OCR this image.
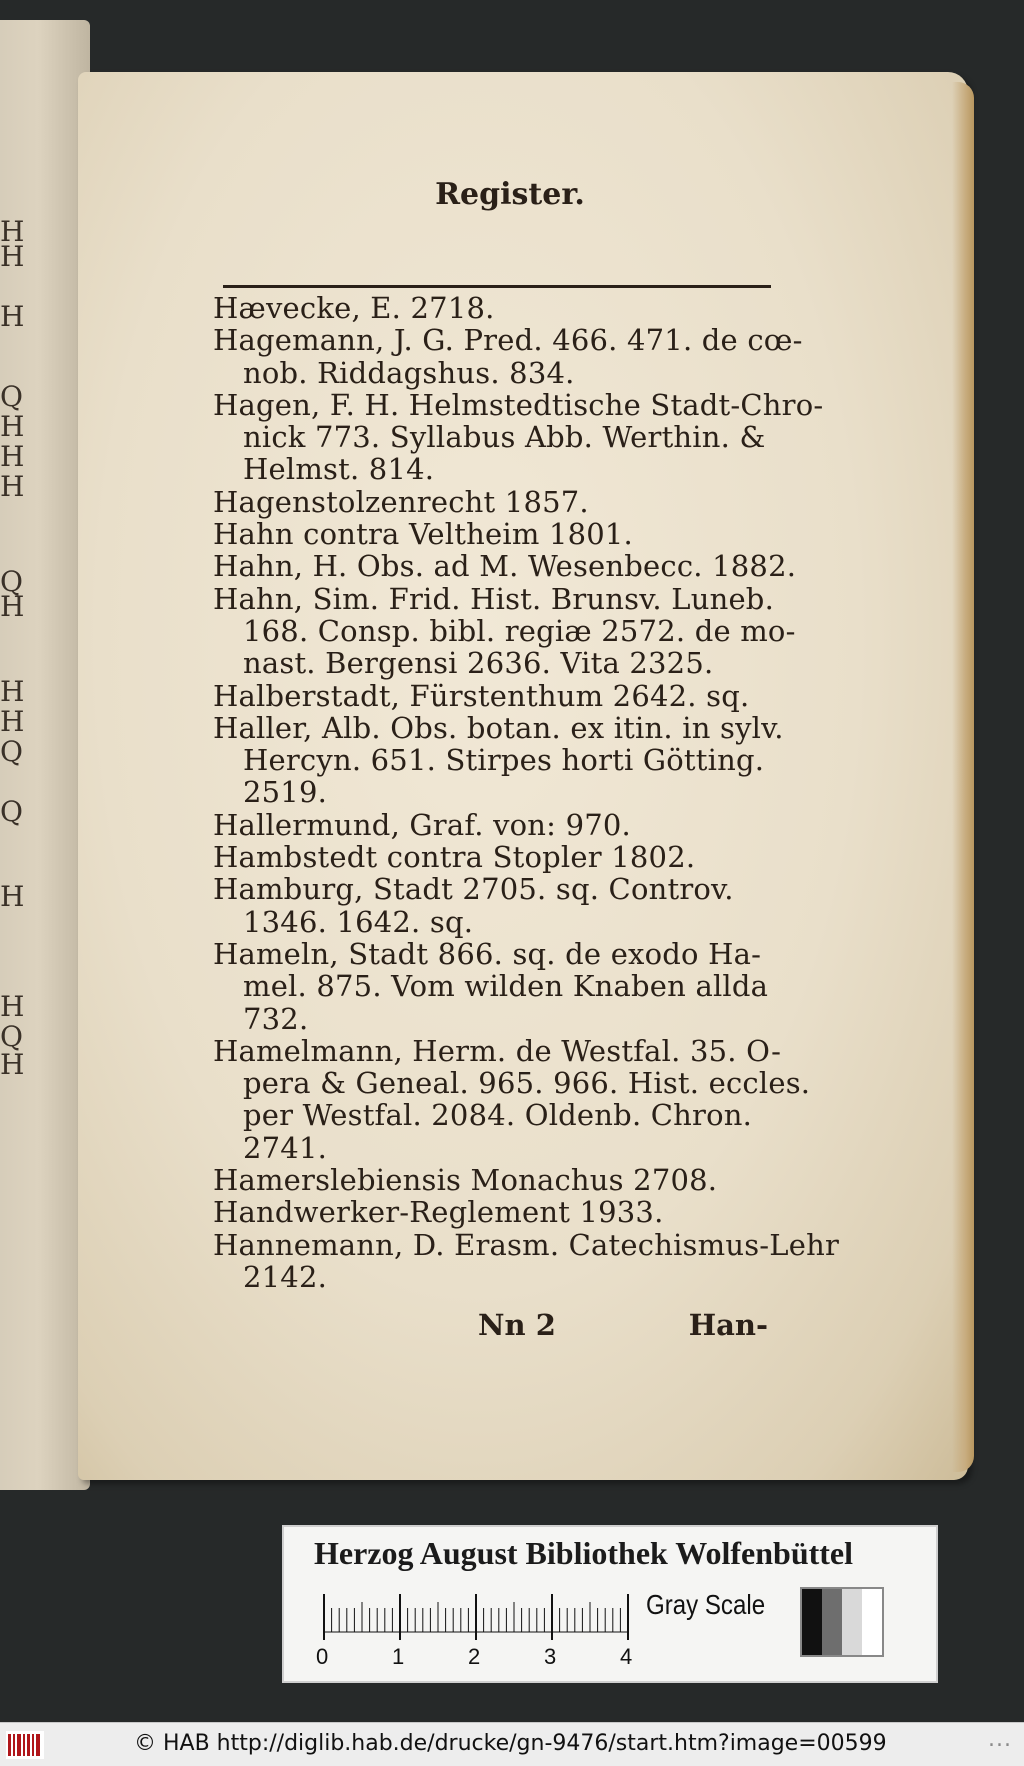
H
H
H
Q
H
H
H
Q
H
H
H
Q
Q
H
H
Q
H
Register.

Hævecke, E. 2718.

Hagemann, J. G. Pred. 466. 471. de cœ-
nob. Riddagshus. 834.

Hagen, F. H. Helmstedtische Stadt-Chro-
nick 773. Syllabus Abb. Werthin. &
Helmst. 814.

Hagenstolzenrecht 1857.

Hahn contra Veltheim 1801.

Hahn, H. Obs. ad M. Wesenbecc. 1882.

Hahn, Sim. Frid. Hist. Brunsv. Luneb.
168. Consp. bibl. regiæ 2572. de mo-
nast. Bergensi 2636. Vita 2325.

Halberstadt, Fürstenthum 2642. sq.

Haller, Alb. Obs. botan. ex itin. in sylv.
Hercyn. 651. Stirpes horti Götting.
2519.

Hallermund, Graf. von: 970.

Hambstedt contra Stopler 1802.

Hamburg, Stadt 2705. sq. Controv.
1346. 1642. sq.

Hameln, Stadt 866. sq. de exodo Ha-
mel. 875. Vom wilden Knaben allda
732.

Hamelmann, Herm. de Westfal. 35. O-
pera & Geneal. 965. 966. Hist. eccles.
per Westfal. 2084. Oldenb. Chron.
2741.

Hamerslebiensis Monachus 2708.

Handwerker-Reglement 1933.

Hannemann, D. Erasm. Catechismus-Lehr
2142.

Nn 2	Han-
Herzog August Bibliothek Wolfenbüttel
0	1	2	3	4
Gray Scale
© HAB http://diglib.hab.de/drucke/gn-9476/start.htm?image=00599	...
